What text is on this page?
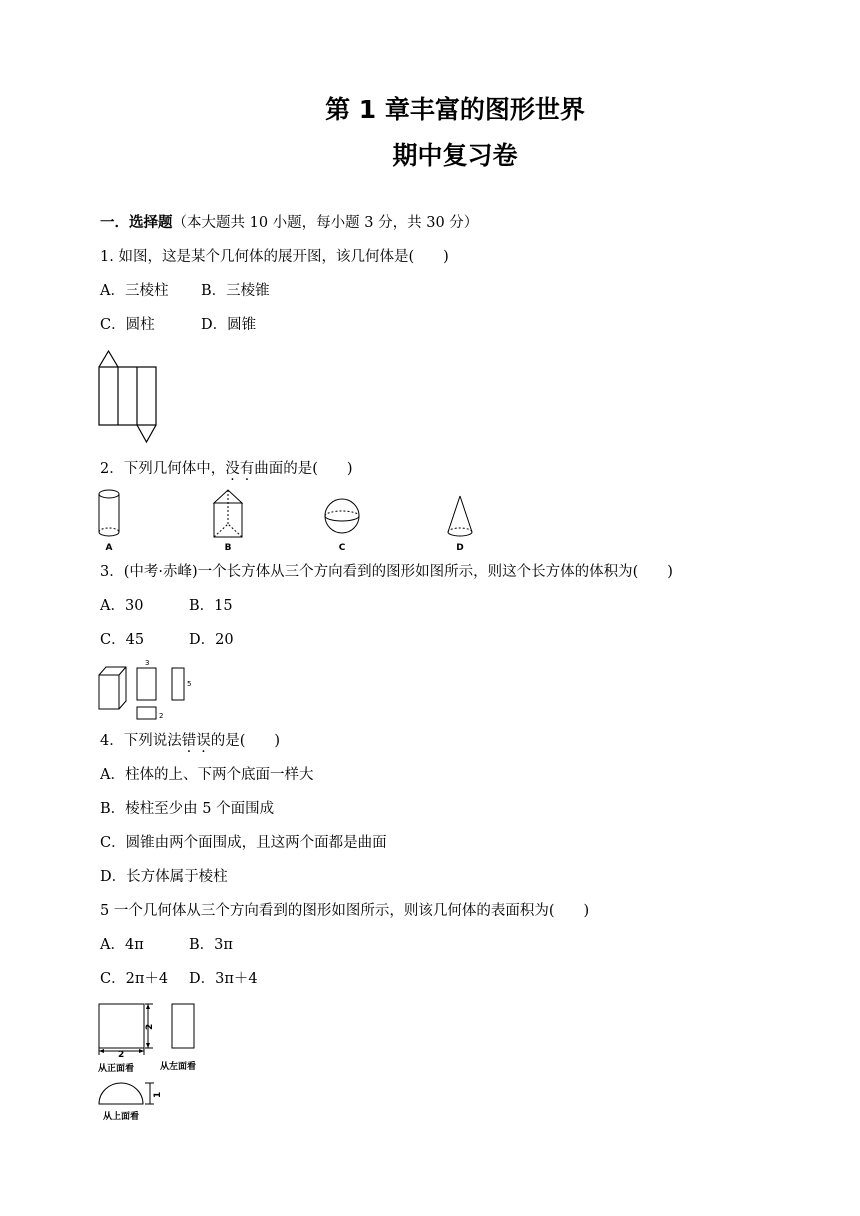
第 1 章丰富的图形世界
期中复习卷
一．选择题（本大题共 10 小题，每小题 3 分，共 30 分）
1. 如图，这是某个几何体的展开图，该几何体是(　　)
A．三棱柱 B．三棱锥
C．圆柱	D．圆锥
2．下列几何体中，没有曲面的是(　　)
A	B	C	D
3．(中考·赤峰)一个长方体从三个方向看到的图形如图所示，则这个长方体的体积为(　　)
A．30	B．15
C．45	D．20
3
5
2
4．下列说法错误的是(　　)
A．柱体的上、下两个底面一样大
B．棱柱至少由 5 个面围成
C．圆锥由两个面围成，且这两个面都是曲面
D．长方体属于棱柱
5 一个几何体从三个方向看到的图形如图所示，则该几何体的表面积为(　　)
A．4π	B．3π
C．2π＋4 D．3π＋4
2
2
1
从正面看	从左面看
从上面看
